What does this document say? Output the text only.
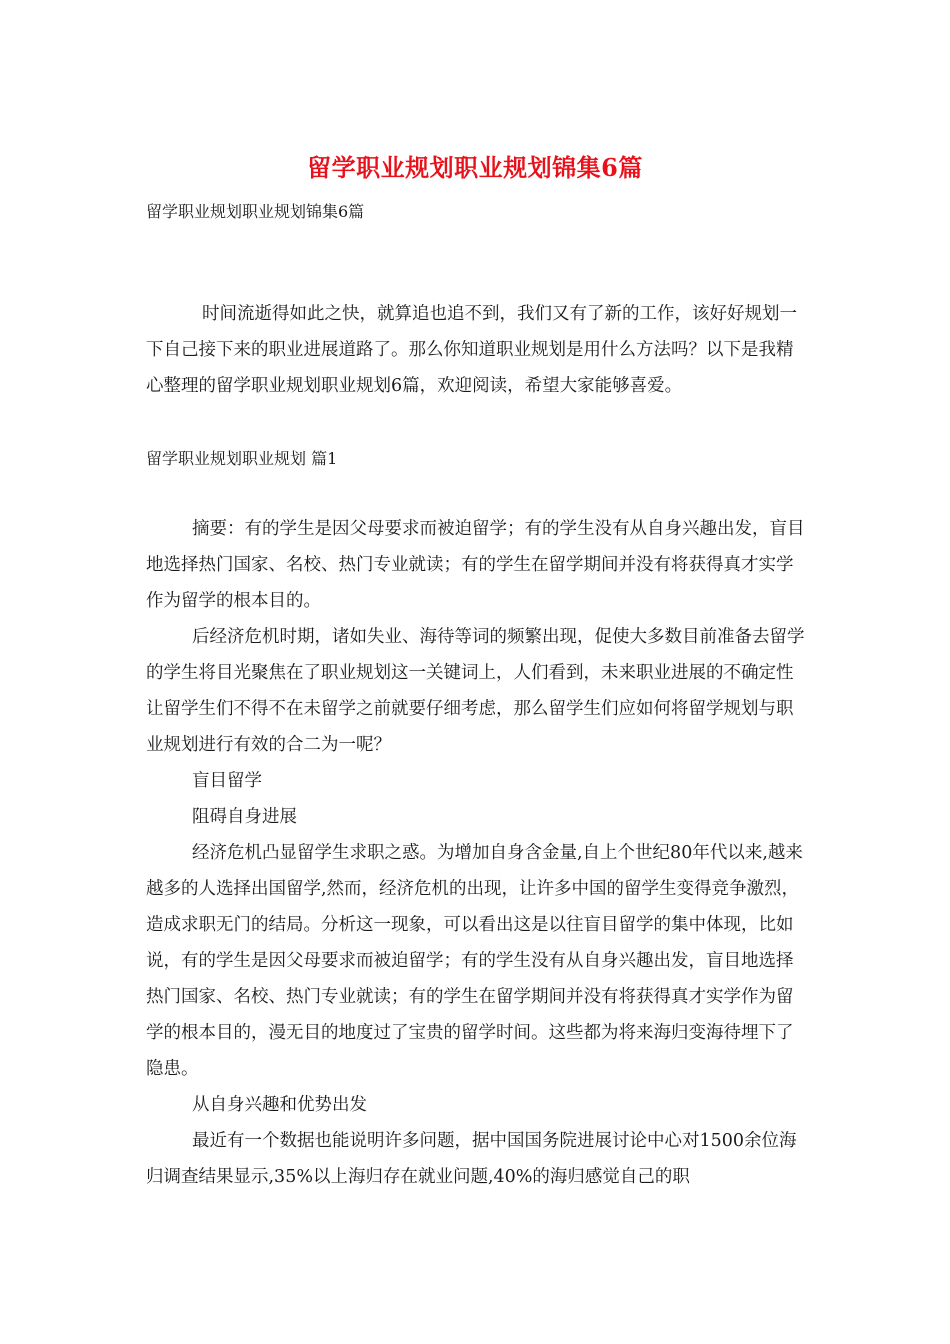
留学职业规划职业规划锦集6篇
留学职业规划职业规划锦集6篇
时间流逝得如此之快，就算追也追不到，我们又有了新的工作，该好好规划一下自己接下来的职业进展道路了。那么你知道职业规划是用什么方法吗？以下是我精心整理的留学职业规划职业规划6篇，欢迎阅读，希望大家能够喜爱。
留学职业规划职业规划 篇1

摘要：有的学生是因父母要求而被迫留学；有的学生没有从自身兴趣出发，盲目地选择热门国家、名校、热门专业就读；有的学生在留学期间并没有将获得真才实学作为留学的根本目的。

后经济危机时期，诸如失业、海待等词的频繁出现，促使大多数目前准备去留学的学生将目光聚焦在了职业规划这一关键词上，人们看到，未来职业进展的不确定性让留学生们不得不在未留学之前就要仔细考虑，那么留学生们应如何将留学规划与职业规划进行有效的合二为一呢？

盲目留学

阻碍自身进展

经济危机凸显留学生求职之惑。为增加自身含金量,自上个世纪80年代以来,越来越多的人选择出国留学,然而，经济危机的出现，让许多中国的留学生变得竞争激烈，造成求职无门的结局。分析这一现象，可以看出这是以往盲目留学的集中体现，比如说，有的学生是因父母要求而被迫留学；有的学生没有从自身兴趣出发，盲目地选择热门国家、名校、热门专业就读；有的学生在留学期间并没有将获得真才实学作为留学的根本目的，漫无目的地度过了宝贵的留学时间。这些都为将来海归变海待埋下了隐患。

从自身兴趣和优势出发

最近有一个数据也能说明许多问题，据中国国务院进展讨论中心对1500余位海归调查结果显示,35%以上海归存在就业问题,40%的海归感觉自己的职
